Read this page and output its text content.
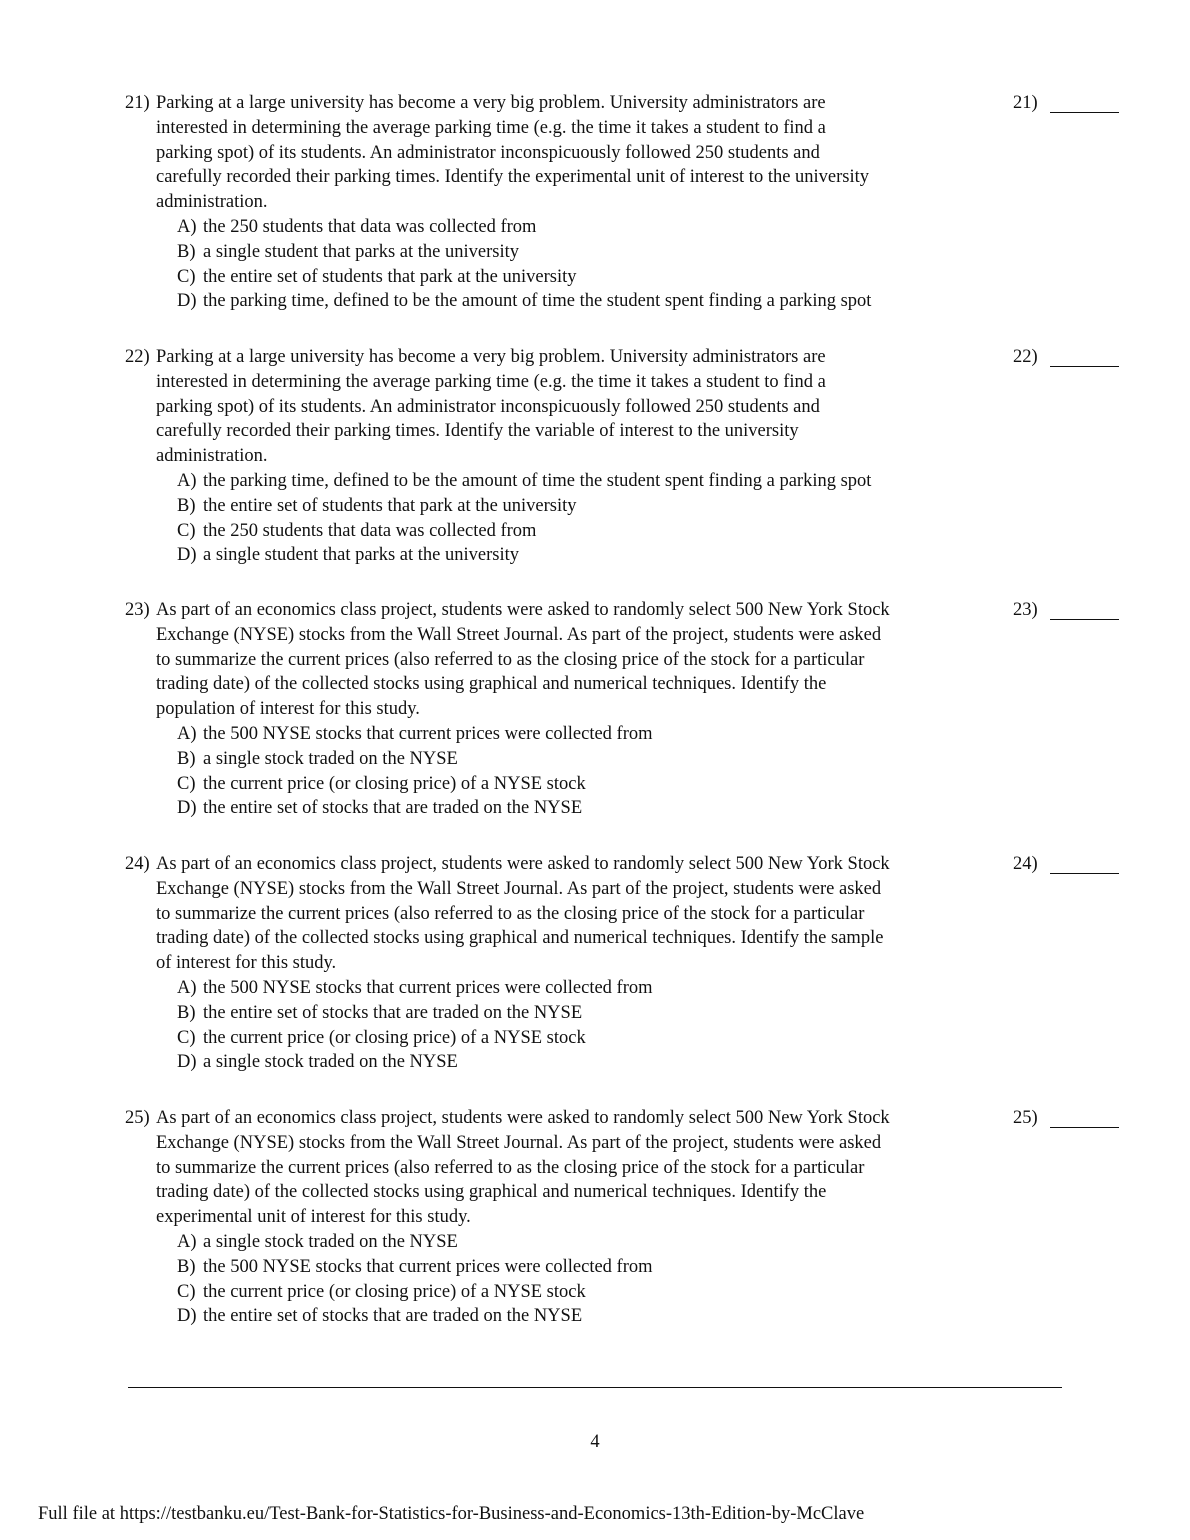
21) Parking at a large university has become a very big problem. University administrators are
interested in determining the average parking time (e.g. the time it takes a student to find a
parking spot) of its students. An administrator inconspicuously followed 250 students and
carefully recorded their parking times. Identify the experimental unit of interest to the university
administration.
A) the 250 students that data was collected from
B) a single student that parks at the university
C) the entire set of students that park at the university
D) the parking time, defined to be the amount of time the student spent finding a parking spot
21)
22) Parking at a large university has become a very big problem. University administrators are
interested in determining the average parking time (e.g. the time it takes a student to find a
parking spot) of its students. An administrator inconspicuously followed 250 students and
carefully recorded their parking times. Identify the variable of interest to the university
administration.
A) the parking time, defined to be the amount of time the student spent finding a parking spot
B) the entire set of students that park at the university
C) the 250 students that data was collected from
D) a single student that parks at the university
22)
23) As part of an economics class project, students were asked to randomly select 500 New York Stock
Exchange (NYSE) stocks from the Wall Street Journal. As part of the project, students were asked
to summarize the current prices (also referred to as the closing price of the stock for a particular
trading date) of the collected stocks using graphical and numerical techniques. Identify the
population of interest for this study.
A) the 500 NYSE stocks that current prices were collected from
B) a single stock traded on the NYSE
C) the current price (or closing price) of a NYSE stock
D) the entire set of stocks that are traded on the NYSE
23)
24) As part of an economics class project, students were asked to randomly select 500 New York Stock
Exchange (NYSE) stocks from the Wall Street Journal. As part of the project, students were asked
to summarize the current prices (also referred to as the closing price of the stock for a particular
trading date) of the collected stocks using graphical and numerical techniques. Identify the sample
of interest for this study.
A) the 500 NYSE stocks that current prices were collected from
B) the entire set of stocks that are traded on the NYSE
C) the current price (or closing price) of a NYSE stock
D) a single stock traded on the NYSE
24)
25) As part of an economics class project, students were asked to randomly select 500 New York Stock
Exchange (NYSE) stocks from the Wall Street Journal. As part of the project, students were asked
to summarize the current prices (also referred to as the closing price of the stock for a particular
trading date) of the collected stocks using graphical and numerical techniques. Identify the
experimental unit of interest for this study.
A) a single stock traded on the NYSE
B) the 500 NYSE stocks that current prices were collected from
C) the current price (or closing price) of a NYSE stock
D) the entire set of stocks that are traded on the NYSE
25)
4
Full file at https://testbanku.eu/Test-Bank-for-Statistics-for-Business-and-Economics-13th-Edition-by-McClave
